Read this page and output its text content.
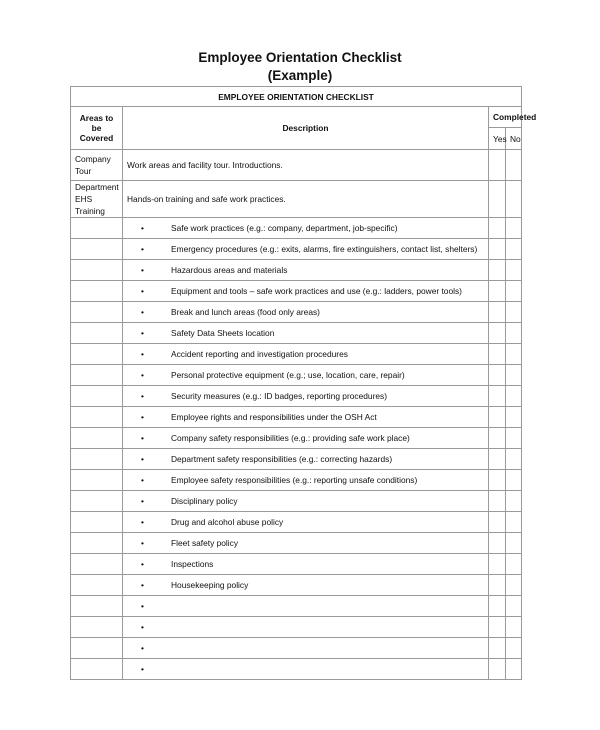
Employee Orientation Checklist
(Example)
EMPLOYEE ORIENTATION CHECKLIST			
Areas to be Covered	Description	Completed	
		Yes	No
Company Tour	Work areas and facility tour. Introductions.		
Department EHS Training	Hands-on training and safe work practices.		
	• Safe work practices (e.g.: company, department, job-specific)		
	• Emergency procedures (e.g.: exits, alarms, fire extinguishers, contact list, shelters)		
	• Hazardous areas and materials		
	• Equipment and tools – safe work practices and use (e.g.: ladders, power tools)		
	• Break and lunch areas (food only areas)		
	• Safety Data Sheets location		
	• Accident reporting and investigation procedures		
	• Personal protective equipment (e.g.; use, location, care, repair)		
	• Security measures (e.g.: ID badges, reporting procedures)		
	• Employee rights and responsibilities under the OSH Act		
	• Company safety responsibilities (e.g.: providing safe work place)		
	• Department safety responsibilities (e.g.: correcting hazards)		
	• Employee safety responsibilities (e.g.: reporting unsafe conditions)		
	• Disciplinary policy		
	• Drug and alcohol abuse policy		
	• Fleet safety policy		
	• Inspections		
	• Housekeeping policy		
	•		
	•		
	•		
	•		
